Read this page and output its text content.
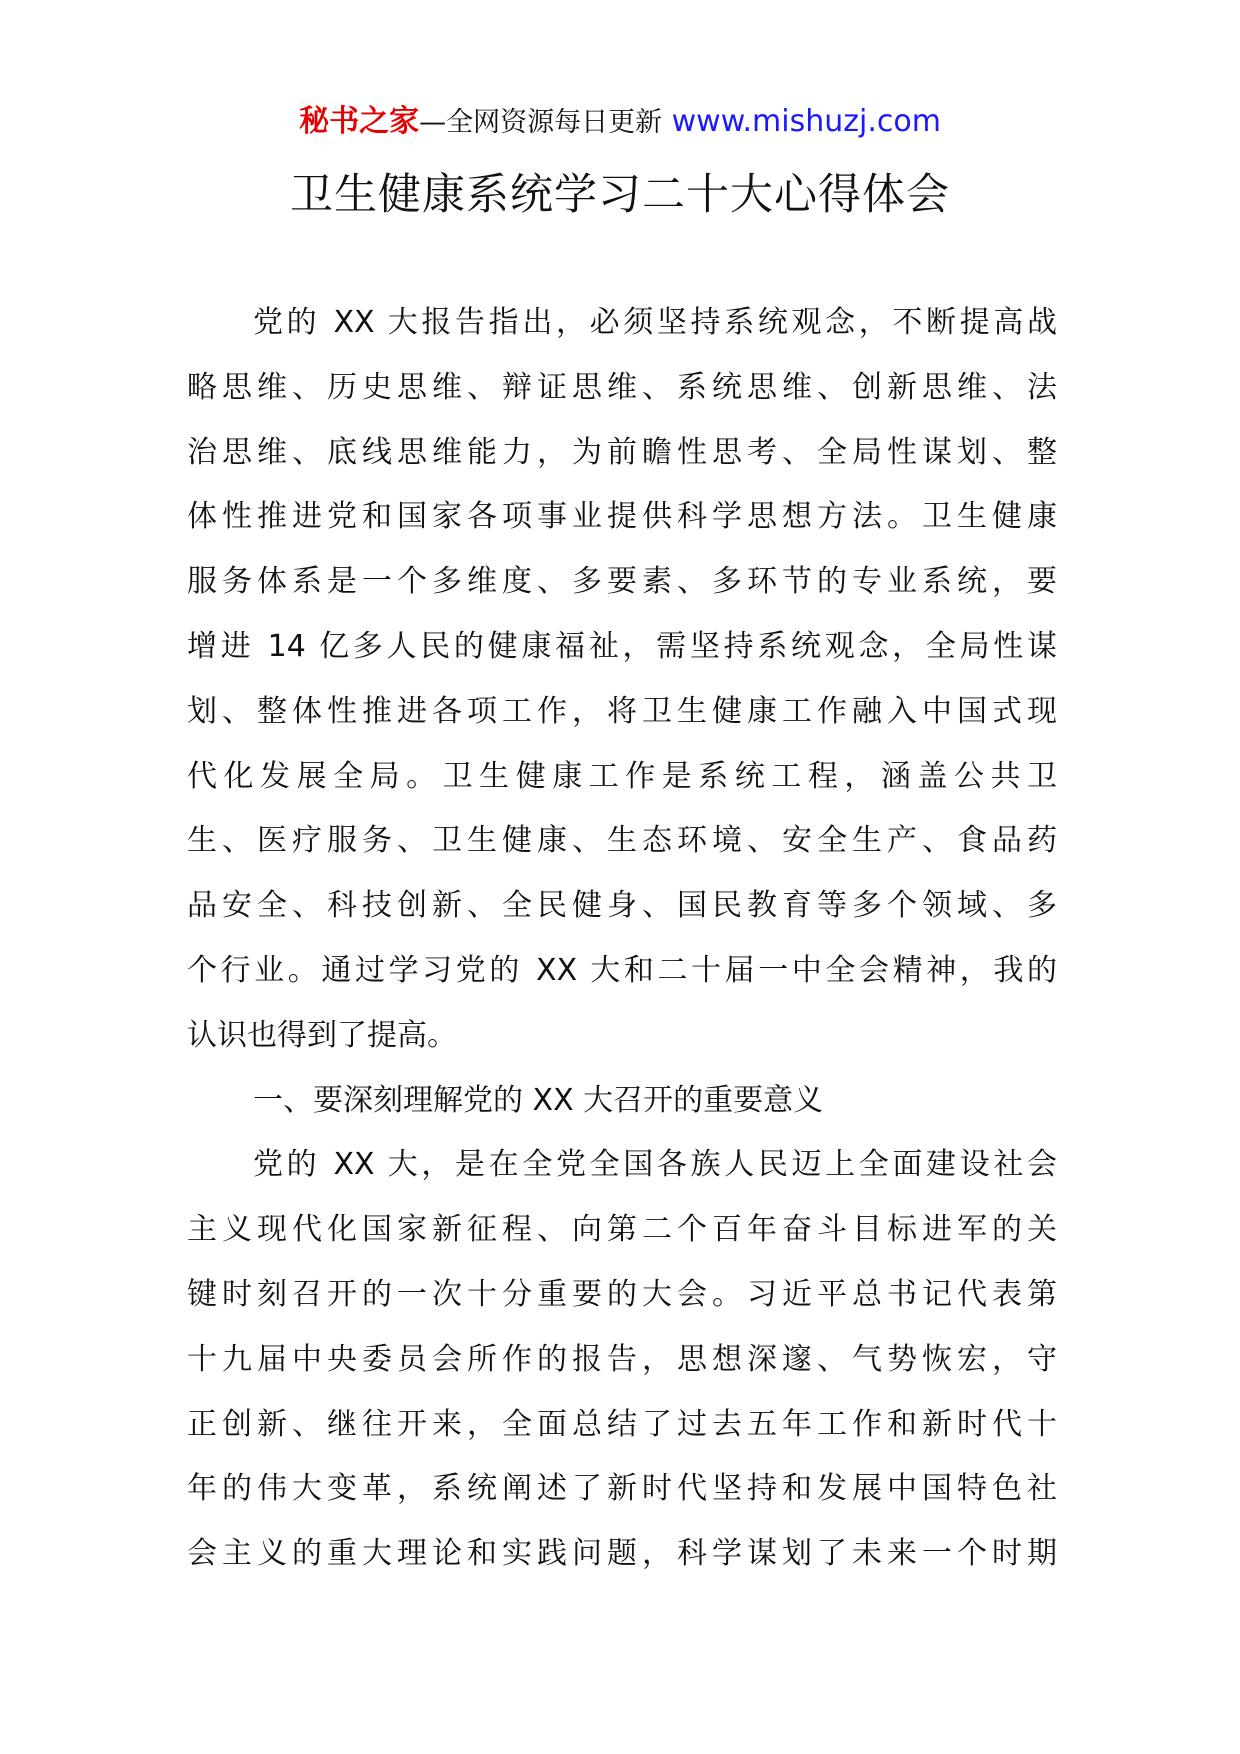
秘书之家—全网资源每日更新 www.mishuzj.com
卫生健康系统学习二十大心得体会
党的 XX 大报告指出，必须坚持系统观念，不断提高战
略思维、历史思维、辩证思维、系统思维、创新思维、法
治思维、底线思维能力，为前瞻性思考、全局性谋划、整
体性推进党和国家各项事业提供科学思想方法。卫生健康
服务体系是一个多维度、多要素、多环节的专业系统，要
增进 14 亿多人民的健康福祉，需坚持系统观念，全局性谋
划、整体性推进各项工作，将卫生健康工作融入中国式现
代化发展全局。卫生健康工作是系统工程，涵盖公共卫
生、医疗服务、卫生健康、生态环境、安全生产、食品药
品安全、科技创新、全民健身、国民教育等多个领域、多
个行业。通过学习党的 XX 大和二十届一中全会精神，我的
认识也得到了提高。
一、要深刻理解党的 XX 大召开的重要意义
党的 XX 大，是在全党全国各族人民迈上全面建设社会
主义现代化国家新征程、向第二个百年奋斗目标进军的关
键时刻召开的一次十分重要的大会。习近平总书记代表第
十九届中央委员会所作的报告，思想深邃、气势恢宏，守
正创新、继往开来，全面总结了过去五年工作和新时代十
年的伟大变革，系统阐述了新时代坚持和发展中国特色社
会主义的重大理论和实践问题，科学谋划了未来一个时期
